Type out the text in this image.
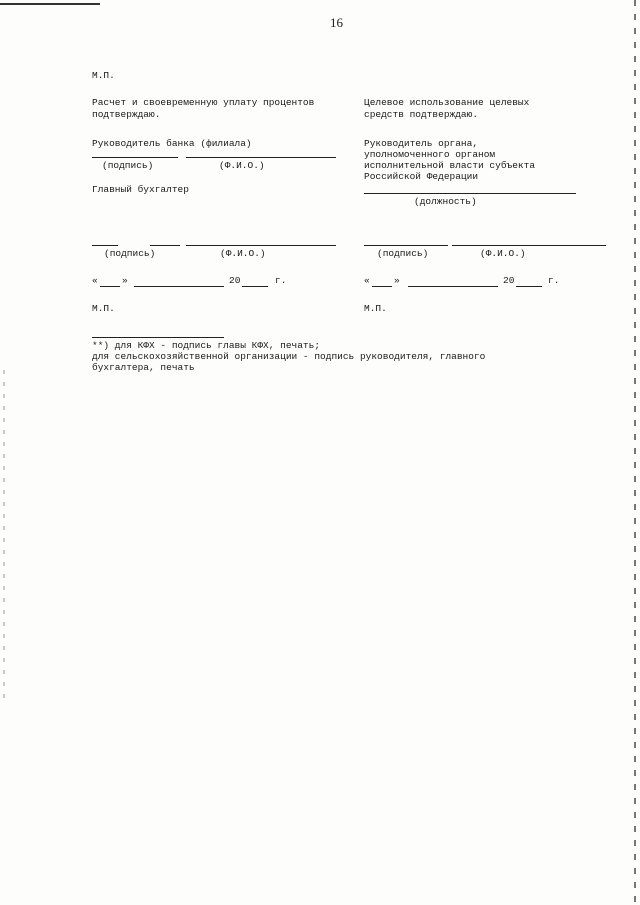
16
М.П.
Расчет и своевременную уплату процентов
подтверждаю.
Руководитель банка (филиала)
(подпись)	(Ф.И.О.)
Главный бухгалтер
(подпись)	(Ф.И.О.)
«	»	20	г.
М.П.
Целевое использование целевых
средств подтверждаю.
Руководитель органа,
уполномоченного органом
исполнительной власти субъекта
Российской Федерации
(должность)
(подпись)	(Ф.И.О.)
«	»	20	г.
М.П.
**) для КФХ - подпись главы КФХ, печать;
для сельскохозяйственной организации - подпись руководителя, главного
бухгалтера, печать
